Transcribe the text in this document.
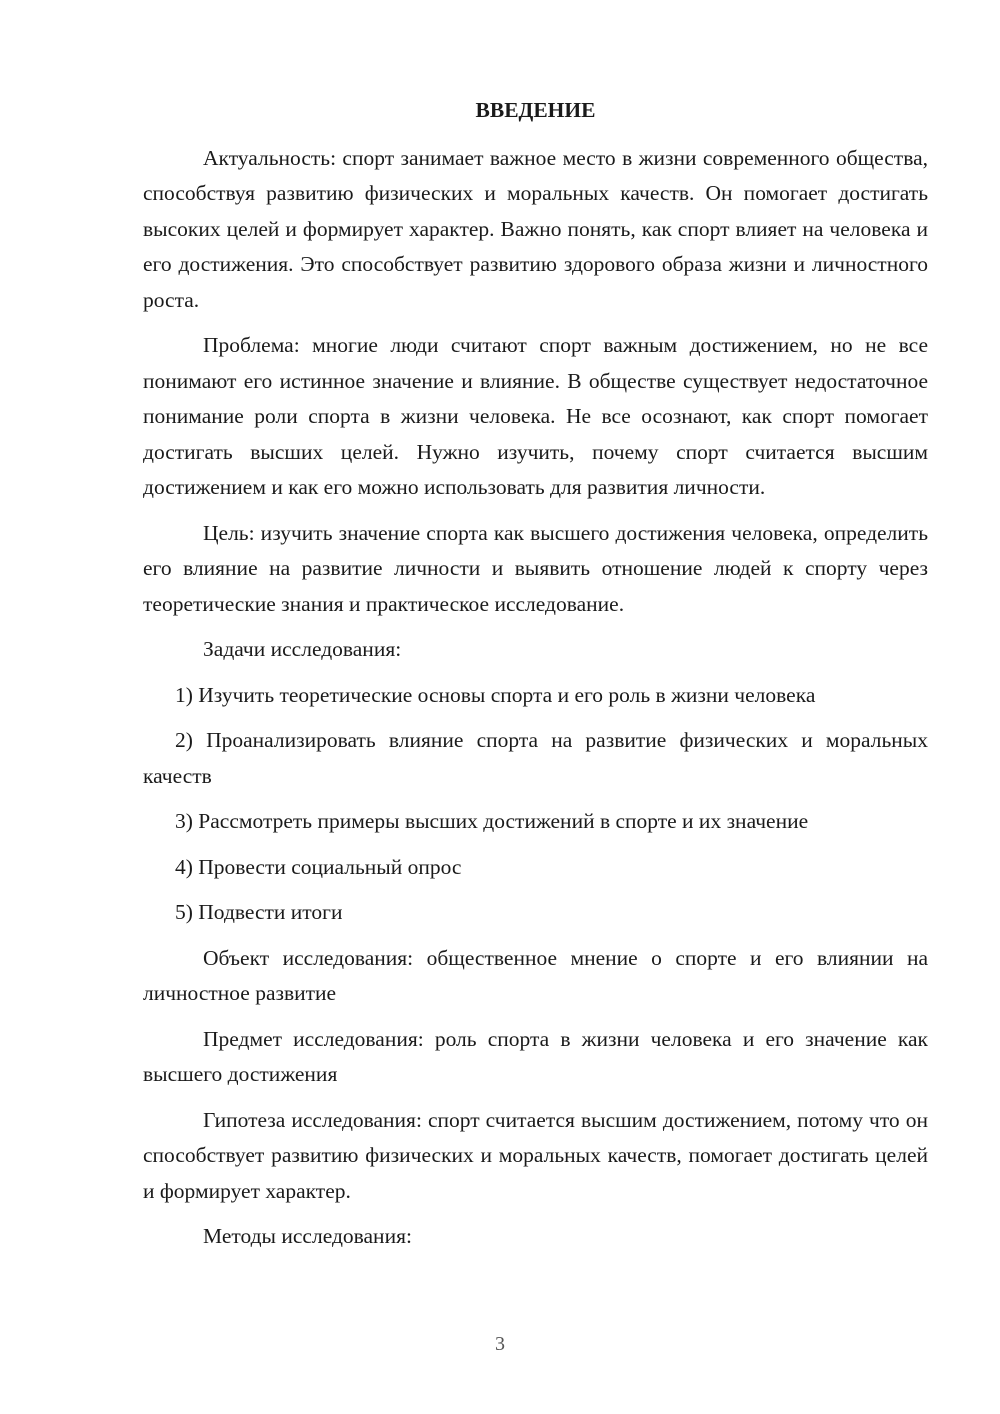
ВВЕДЕНИЕ

Актуальность: спорт занимает важное место в жизни современного общества, способствуя развитию физических и моральных качеств. Он помогает достигать высоких целей и формирует характер. Важно понять, как спорт влияет на человека и его достижения. Это способствует развитию здорового образа жизни и личностного роста.

Проблема: многие люди считают спорт важным достижением, но не все понимают его истинное значение и влияние. В обществе существует недостаточное понимание роли спорта в жизни человека. Не все осознают, как спорт помогает достигать высших целей. Нужно изучить, почему спорт считается высшим достижением и как его можно использовать для развития личности.

Цель: изучить значение спорта как высшего достижения человека, определить его влияние на развитие личности и выявить отношение людей к спорту через теоретические знания и практическое исследование.

Задачи исследования:

1) Изучить теоретические основы спорта и его роль в жизни человека

2) Проанализировать влияние спорта на развитие физических и моральных качеств

3) Рассмотреть примеры высших достижений в спорте и их значение

4) Провести социальный опрос

5) Подвести итоги

Объект исследования: общественное мнение о спорте и его влиянии на личностное развитие

Предмет исследования: роль спорта в жизни человека и его значение как высшего достижения

Гипотеза исследования: спорт считается высшим достижением, потому что он способствует развитию физических и моральных качеств, помогает достигать целей и формирует характер.

Методы исследования:

3
